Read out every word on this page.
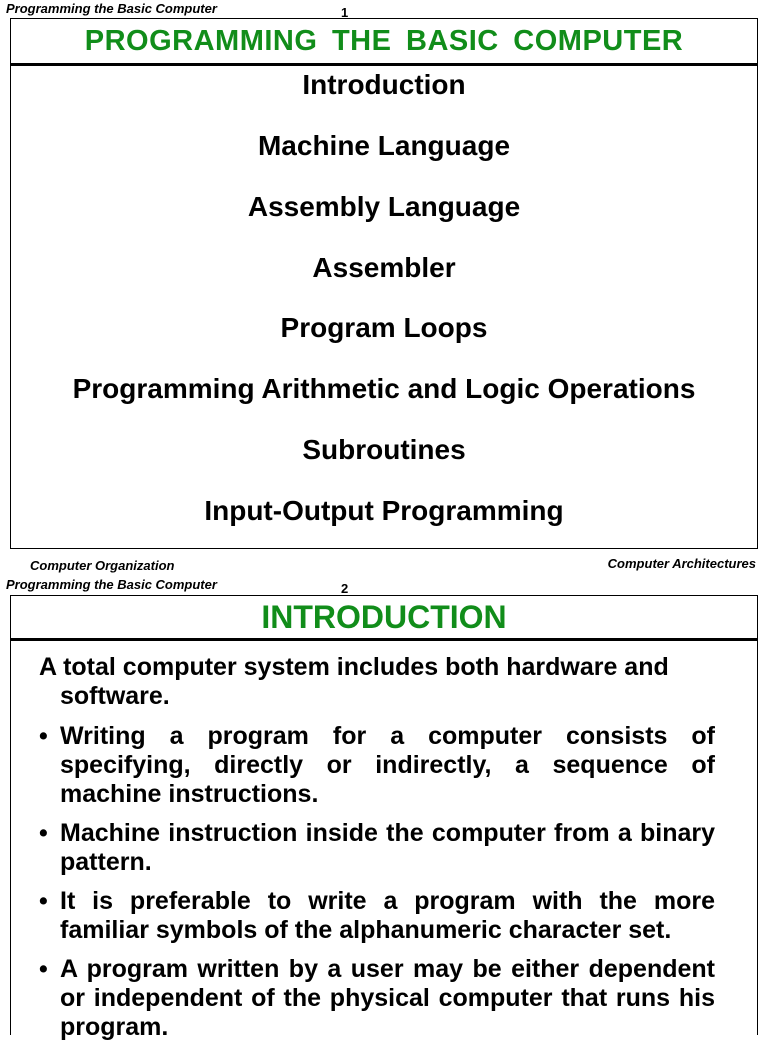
Programming the Basic Computer	1
PROGRAMMING THE BASIC COMPUTER
Introduction
Machine Language
Assembly Language
Assembler
Program Loops
Programming Arithmetic and Logic Operations
Subroutines
Input-Output Programming
Computer Organization	Computer Architectures
Programming the Basic Computer	2
INTRODUCTION
A total computer system includes both hardware and software.
• Writing a program for a computer consists of specifying, directly or indirectly, a sequence of machine instructions.
• Machine instruction inside the computer from a binary pattern.
• It is preferable to write a program with the more familiar symbols of the alphanumeric character set.
• A program written by a user may be either dependent or independent of the physical computer that runs his program.
